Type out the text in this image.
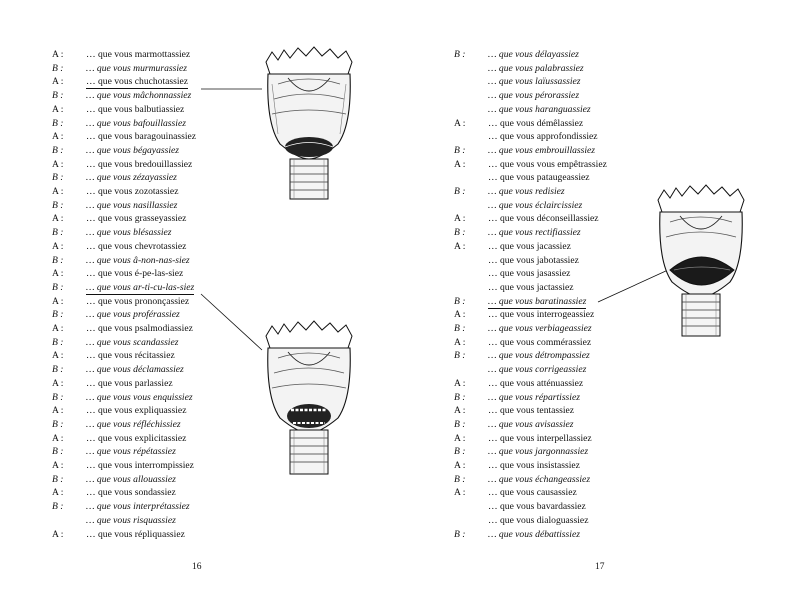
A :	… que vous marmottassiez
B :	… que vous murmurassiez
A :	… que vous chuchotassiez
B :	… que vous mâchonnassiez
A :	… que vous balbutiassiez
B :	… que vous bafouillassiez
A :	… que vous baragouinassiez
B :	… que vous bégayassiez
A :	… que vous bredouillassiez
B :	… que vous zézayassiez
A :	… que vous zozotassiez
B :	… que vous nasillassiez
A :	… que vous grasseyassiez
B :	… que vous blésassiez
A :	… que vous chevrotassiez
B :	… que vous â-non-nas-siez
A :	… que vous é-pe-las-siez
B :	… que vous ar-ti-cu-las-siez
A :	… que vous prononçassiez
B :	… que vous proférassiez
A :	… que vous psalmodiassiez
B :	… que vous scandassiez
A :	… que vous récitassiez
B :	… que vous déclamassiez
A :	… que vous parlassiez
B :	… que vous vous enquissiez
A :	… que vous expliquassiez
B :	… que vous réfléchissiez
A :	… que vous explicitassiez
B :	… que vous répétassiez
A :	… que vous interrompissiez
B :	… que vous allouassiez
A :	… que vous sondassiez
B :	… que vous interprétassiez
… que vous risquassiez
A :	… que vous répliquassiez
16
B :	… que vous délayassiez
… que vous palabrassiez
… que vous laïussassiez
… que vous pérorassiez
… que vous haranguassiez
A :	… que vous démêlassiez
… que vous approfondissiez
B :	… que vous embrouillassiez
A :	… que vous vous empêtrassiez
… que vous pataugeassiez
B :	… que vous redisiez
… que vous éclaircissiez
A :	… que vous déconseillassiez
B :	… que vous rectifiassiez
A :	… que vous jacassiez
… que vous jabotassiez
… que vous jasassiez
… que vous jactassiez
B :	… que vous baratinassiez
A :	… que vous interrogeassiez
B :	… que vous verbiageassiez
A :	… que vous commérassiez
B :	… que vous détrompassiez
… que vous corrigeassiez
A :	… que vous atténuassiez
B :	… que vous répartissiez
A :	… que vous tentassiez
B :	… que vous avisassiez
A :	… que vous interpellassiez
B :	… que vous jargonnassiez
A :	… que vous insistassiez
B :	… que vous échangeassiez
A :	… que vous causassiez
… que vous bavardassiez
… que vous dialoguassiez
B :	… que vous débattissiez
17
